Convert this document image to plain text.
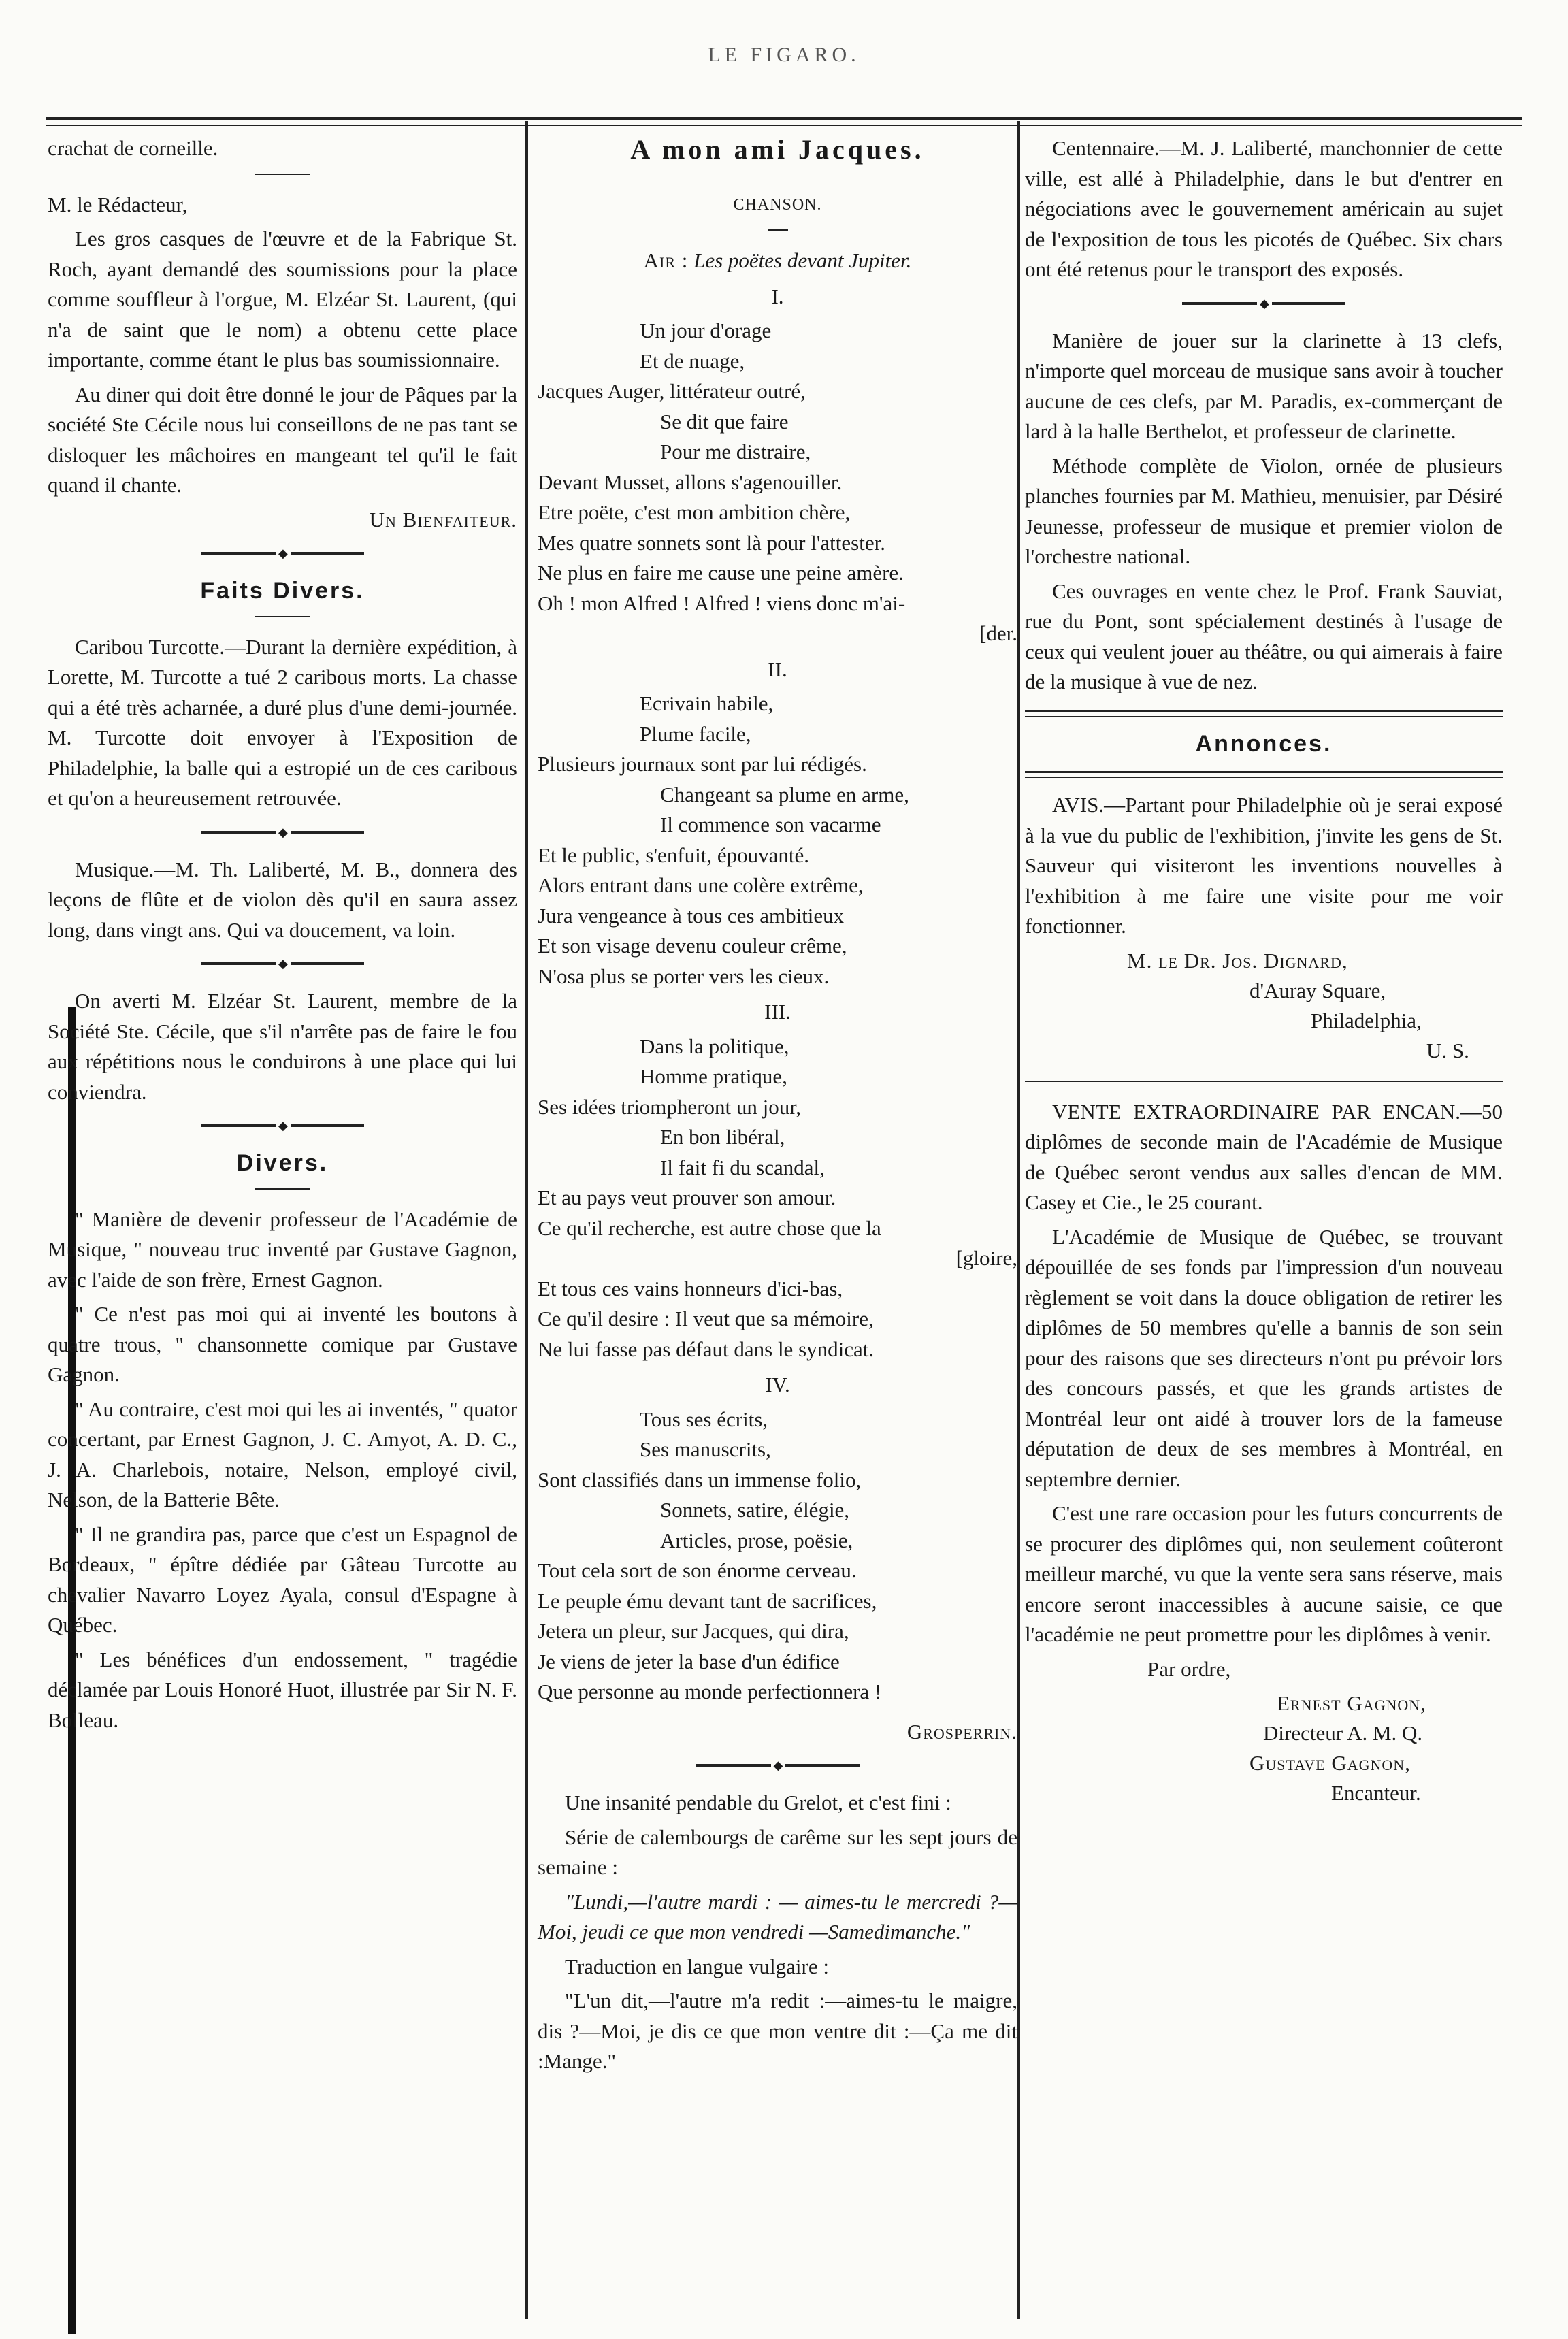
LE FIGARO.

crachat de corneille.

M. le Rédacteur,

Les gros casques de l'œuvre et de la Fabrique St. Roch, ayant demandé des soumissions pour la place comme souffleur à l'orgue, M. Elzéar St. Laurent, (qui n'a de saint que le nom) a obtenu cette place importante, comme étant le plus bas soumissionnaire.

Au diner qui doit être donné le jour de Pâques par la société Ste Cécile nous lui conseillons de ne pas tant se disloquer les mâchoires en mangeant tel qu'il le fait quand il chante.

Un Bienfaiteur.

◆
Faits Divers.

Caribou Turcotte.—Durant la dernière expédition, à Lorette, M. Turcotte a tué 2 caribous morts. La chasse qui a été très acharnée, a duré plus d'une demi-journée. M. Turcotte doit envoyer à l'Exposition de Philadelphie, la balle qui a estropié un de ces caribous et qu'on a heureusement retrouvée.

◆

Musique.—M. Th. Laliberté, M. B., donnera des leçons de flûte et de violon dès qu'il en saura assez long, dans vingt ans. Qui va doucement, va loin.

◆

On averti M. Elzéar St. Laurent, membre de la Société Ste. Cécile, que s'il n'arrête pas de faire le fou aux répétitions nous le conduirons à une place qui lui conviendra.

◆
Divers.

" Manière de devenir professeur de l'Académie de Musique, " nouveau truc inventé par Gustave Gagnon, avec l'aide de son frère, Ernest Gagnon.

" Ce n'est pas moi qui ai inventé les boutons à quatre trous, " chansonnette comique par Gustave Gagnon.

" Au contraire, c'est moi qui les ai inventés, " quator concertant, par Ernest Gagnon, J. C. Amyot, A. D. C., J. A. Charlebois, notaire, Nelson, employé civil, Nelson, de la Batterie Bête.

" Il ne grandira pas, parce que c'est un Espagnol de Bordeaux, " épître dédiée par Gâteau Turcotte au chevalier Navarro Loyez Ayala, consul d'Espagne à Québec.

" Les bénéfices d'un endossement, " tragédie déclamée par Louis Honoré Huot, illustrée par Sir N. F. Bolleau.

A mon ami Jacques.
CHANSON.

Air : Les poëtes devant Jupiter.

I.
Un jour d'orage
Et de nuage,
Jacques Auger, littérateur outré,
Se dit que faire
Pour me distraire,
Devant Musset, allons s'agenouiller.
Etre poëte, c'est mon ambition chère,
Mes quatre sonnets sont là pour l'attester.
Ne plus en faire me cause une peine amère.
Oh ! mon Alfred ! Alfred ! viens donc m'ai-
[der.
II.
Ecrivain habile,
Plume facile,
Plusieurs journaux sont par lui rédigés.
Changeant sa plume en arme,
Il commence son vacarme
Et le public, s'enfuit, épouvanté.
Alors entrant dans une colère extrême,
Jura vengeance à tous ces ambitieux
Et son visage devenu couleur crême,
N'osa plus se porter vers les cieux.
III.
Dans la politique,
Homme pratique,
Ses idées triompheront un jour,
En bon libéral,
Il fait fi du scandal,
Et au pays veut prouver son amour.
Ce qu'il recherche, est autre chose que la
[gloire,
Et tous ces vains honneurs d'ici-bas,
Ce qu'il desire : Il veut que sa mémoire,
Ne lui fasse pas défaut dans le syndicat.
IV.
Tous ses écrits,
Ses manuscrits,
Sont classifiés dans un immense folio,
Sonnets, satire, élégie,
Articles, prose, poësie,
Tout cela sort de son énorme cerveau.
Le peuple ému devant tant de sacrifices,
Jetera un pleur, sur Jacques, qui dira,
Je viens de jeter la base d'un édifice
Que personne au monde perfectionnera !

Grosperrin.

◆

Une insanité pendable du Grelot, et c'est fini :

Série de calembourgs de carême sur les sept jours de semaine :

"Lundi,—l'autre mardi : — aimes-tu le mercredi ?—Moi, jeudi ce que mon vendredi —Samedimanche."

Traduction en langue vulgaire :

"L'un dit,—l'autre m'a redit :—aimes-tu le maigre, dis ?—Moi, je dis ce que mon ventre dit :—Ça me dit :Mange."

Centennaire.—M. J. Laliberté, manchonnier de cette ville, est allé à Philadelphie, dans le but d'entrer en négociations avec le gouvernement américain au sujet de l'exposition de tous les picotés de Québec. Six chars ont été retenus pour le transport des exposés.

◆

Manière de jouer sur la clarinette à 13 clefs, n'importe quel morceau de musique sans avoir à toucher aucune de ces clefs, par M. Paradis, ex-commerçant de lard à la halle Berthelot, et professeur de clarinette.

Méthode complète de Violon, ornée de plusieurs planches fournies par M. Mathieu, menuisier, par Désiré Jeunesse, professeur de musique et premier violon de l'orchestre national.

Ces ouvrages en vente chez le Prof. Frank Sauviat, rue du Pont, sont spécialement destinés à l'usage de ceux qui veulent jouer au théâtre, ou qui aimerais à faire de la musique à vue de nez.

Annonces.

AVIS.—Partant pour Philadelphie où je serai exposé à la vue du public de l'exhibition, j'invite les gens de St. Sauveur qui visiteront les inventions nouvelles à l'exhibition à me faire une visite pour me voir fonctionner.

M. le Dr. Jos. Dignard,
d'Auray Square,
Philadelphia,
U. S.

VENTE EXTRAORDINAIRE PAR ENCAN.—50 diplômes de seconde main de l'Académie de Musique de Québec seront vendus aux salles d'encan de MM. Casey et Cie., le 25 courant.

L'Académie de Musique de Québec, se trouvant dépouillée de ses fonds par l'impression d'un nouveau règlement se voit dans la douce obligation de retirer les diplômes de 50 membres qu'elle a bannis de son sein pour des raisons que ses directeurs n'ont pu prévoir lors des concours passés, et que les grands artistes de Montréal leur ont aidé à trouver lors de la fameuse députation de deux de ses membres à Montréal, en septembre dernier.

C'est une rare occasion pour les futurs concurrents de se procurer des diplômes qui, non seulement coûteront meilleur marché, vu que la vente sera sans réserve, mais encore seront inaccessibles à aucune saisie, ce que l'académie ne peut promettre pour les diplômes à venir.

Par ordre,

Ernest Gagnon,
Directeur A. M. Q.
Gustave Gagnon,
Encanteur.
